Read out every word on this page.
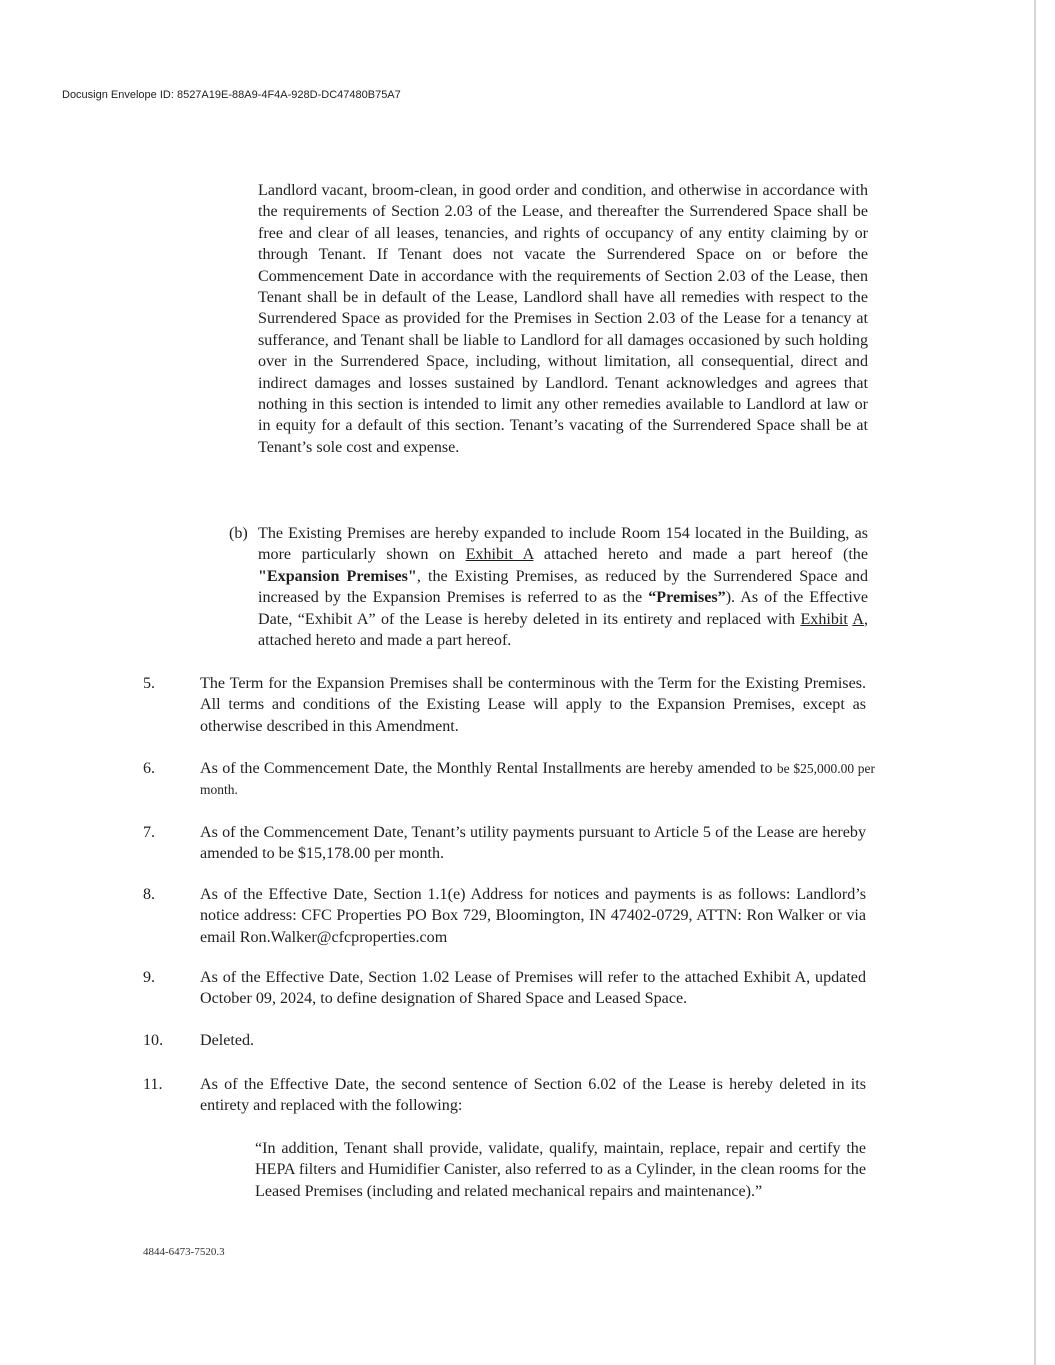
Docusign Envelope ID: 8527A19E-88A9-4F4A-928D-DC47480B75A7
Landlord vacant, broom-clean, in good order and condition, and otherwise in accordance with the requirements of Section 2.03 of the Lease, and thereafter the Surrendered Space shall be free and clear of all leases, tenancies, and rights of occupancy of any entity claiming by or through Tenant. If Tenant does not vacate the Surrendered Space on or before the Commencement Date in accordance with the requirements of Section 2.03 of the Lease, then Tenant shall be in default of the Lease, Landlord shall have all remedies with respect to the Surrendered Space as provided for the Premises in Section 2.03 of the Lease for a tenancy at sufferance, and Tenant shall be liable to Landlord for all damages occasioned by such holding over in the Surrendered Space, including, without limitation, all consequential, direct and indirect damages and losses sustained by Landlord. Tenant acknowledges and agrees that nothing in this section is intended to limit any other remedies available to Landlord at law or in equity for a default of this section. Tenant’s vacating of the Surrendered Space shall be at Tenant’s sole cost and expense.
(b) The Existing Premises are hereby expanded to include Room 154 located in the Building, as more particularly shown on Exhibit A attached hereto and made a part hereof (the "Expansion Premises", the Existing Premises, as reduced by the Surrendered Space and increased by the Expansion Premises is referred to as the “Premises”). As of the Effective Date, “Exhibit A” of the Lease is hereby deleted in its entirety and replaced with Exhibit A, attached hereto and made a part hereof.
5.	The Term for the Expansion Premises shall be conterminous with the Term for the Existing Premises. All terms and conditions of the Existing Lease will apply to the Expansion Premises, except as otherwise described in this Amendment.
6.	As of the Commencement Date, the Monthly Rental Installments are hereby amended to be $25,000.00 per month.
7.	As of the Commencement Date, Tenant’s utility payments pursuant to Article 5 of the Lease are hereby amended to be $15,178.00 per month.
8.	As of the Effective Date, Section 1.1(e) Address for notices and payments is as follows: Landlord’s notice address: CFC Properties PO Box 729, Bloomington, IN 47402-0729, ATTN: Ron Walker or via email Ron.Walker@cfcproperties.com
9.	As of the Effective Date, Section 1.02 Lease of Premises will refer to the attached Exhibit A, updated October 09, 2024, to define designation of Shared Space and Leased Space.
10. Deleted.
11. As of the Effective Date, the second sentence of Section 6.02 of the Lease is hereby deleted in its entirety and replaced with the following:
“In addition, Tenant shall provide, validate, qualify, maintain, replace, repair and certify the HEPA filters and Humidifier Canister, also referred to as a Cylinder, in the clean rooms for the Leased Premises (including and related mechanical repairs and maintenance).”
4844-6473-7520.3
